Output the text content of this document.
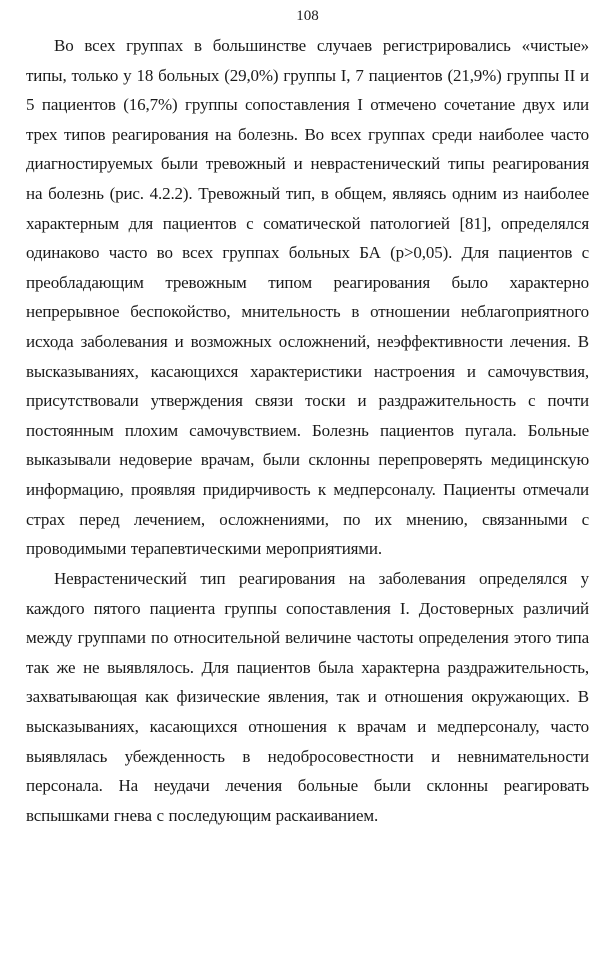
108

Во всех группах в большинстве случаев регистрировались «чистые» типы, только у 18 больных (29,0%) группы I, 7 пациентов (21,9%) группы II и 5 пациентов (16,7%) группы сопоставления I отмечено сочетание двух или трех типов реагирования на болезнь. Во всех группах среди наиболее часто диагностируемых были тревожный и неврастенический типы реагирования на болезнь (рис. 4.2.2). Тревожный тип, в общем, являясь одним из наиболее характерным для пациентов с соматической патологией [81], определялся одинаково часто во всех группах больных БА (р>0,05). Для пациентов с преобладающим тревожным типом реагирования было характерно непрерывное беспокойство, мнительность в отношении неблагоприятного исхода заболевания и возможных осложнений, неэффективности лечения. В высказываниях, касающихся характеристики настроения и самочувствия, присутствовали утверждения связи тоски и раздражительность с почти постоянным плохим самочувствием. Болезнь пациентов пугала. Больные выказывали недоверие врачам, были склонны перепроверять медицинскую информацию, проявляя придирчивость к медперсоналу. Пациенты отмечали страх перед лечением, осложнениями, по их мнению, связанными с проводимыми терапевтическими мероприятиями.

Неврастенический тип реагирования на заболевания определялся у каждого пятого пациента группы сопоставления I. Достоверных различий между группами по относительной величине частоты определения этого типа так же не выявлялось. Для пациентов была характерна раздражительность, захватывающая как физические явления, так и отношения окружающих. В высказываниях, касающихся отношения к врачам и медперсоналу, часто выявлялась убежденность в недобросовестности и невнимательности персонала. На неудачи лечения больные были склонны реагировать вспышками гнева с последующим раскаиванием.
